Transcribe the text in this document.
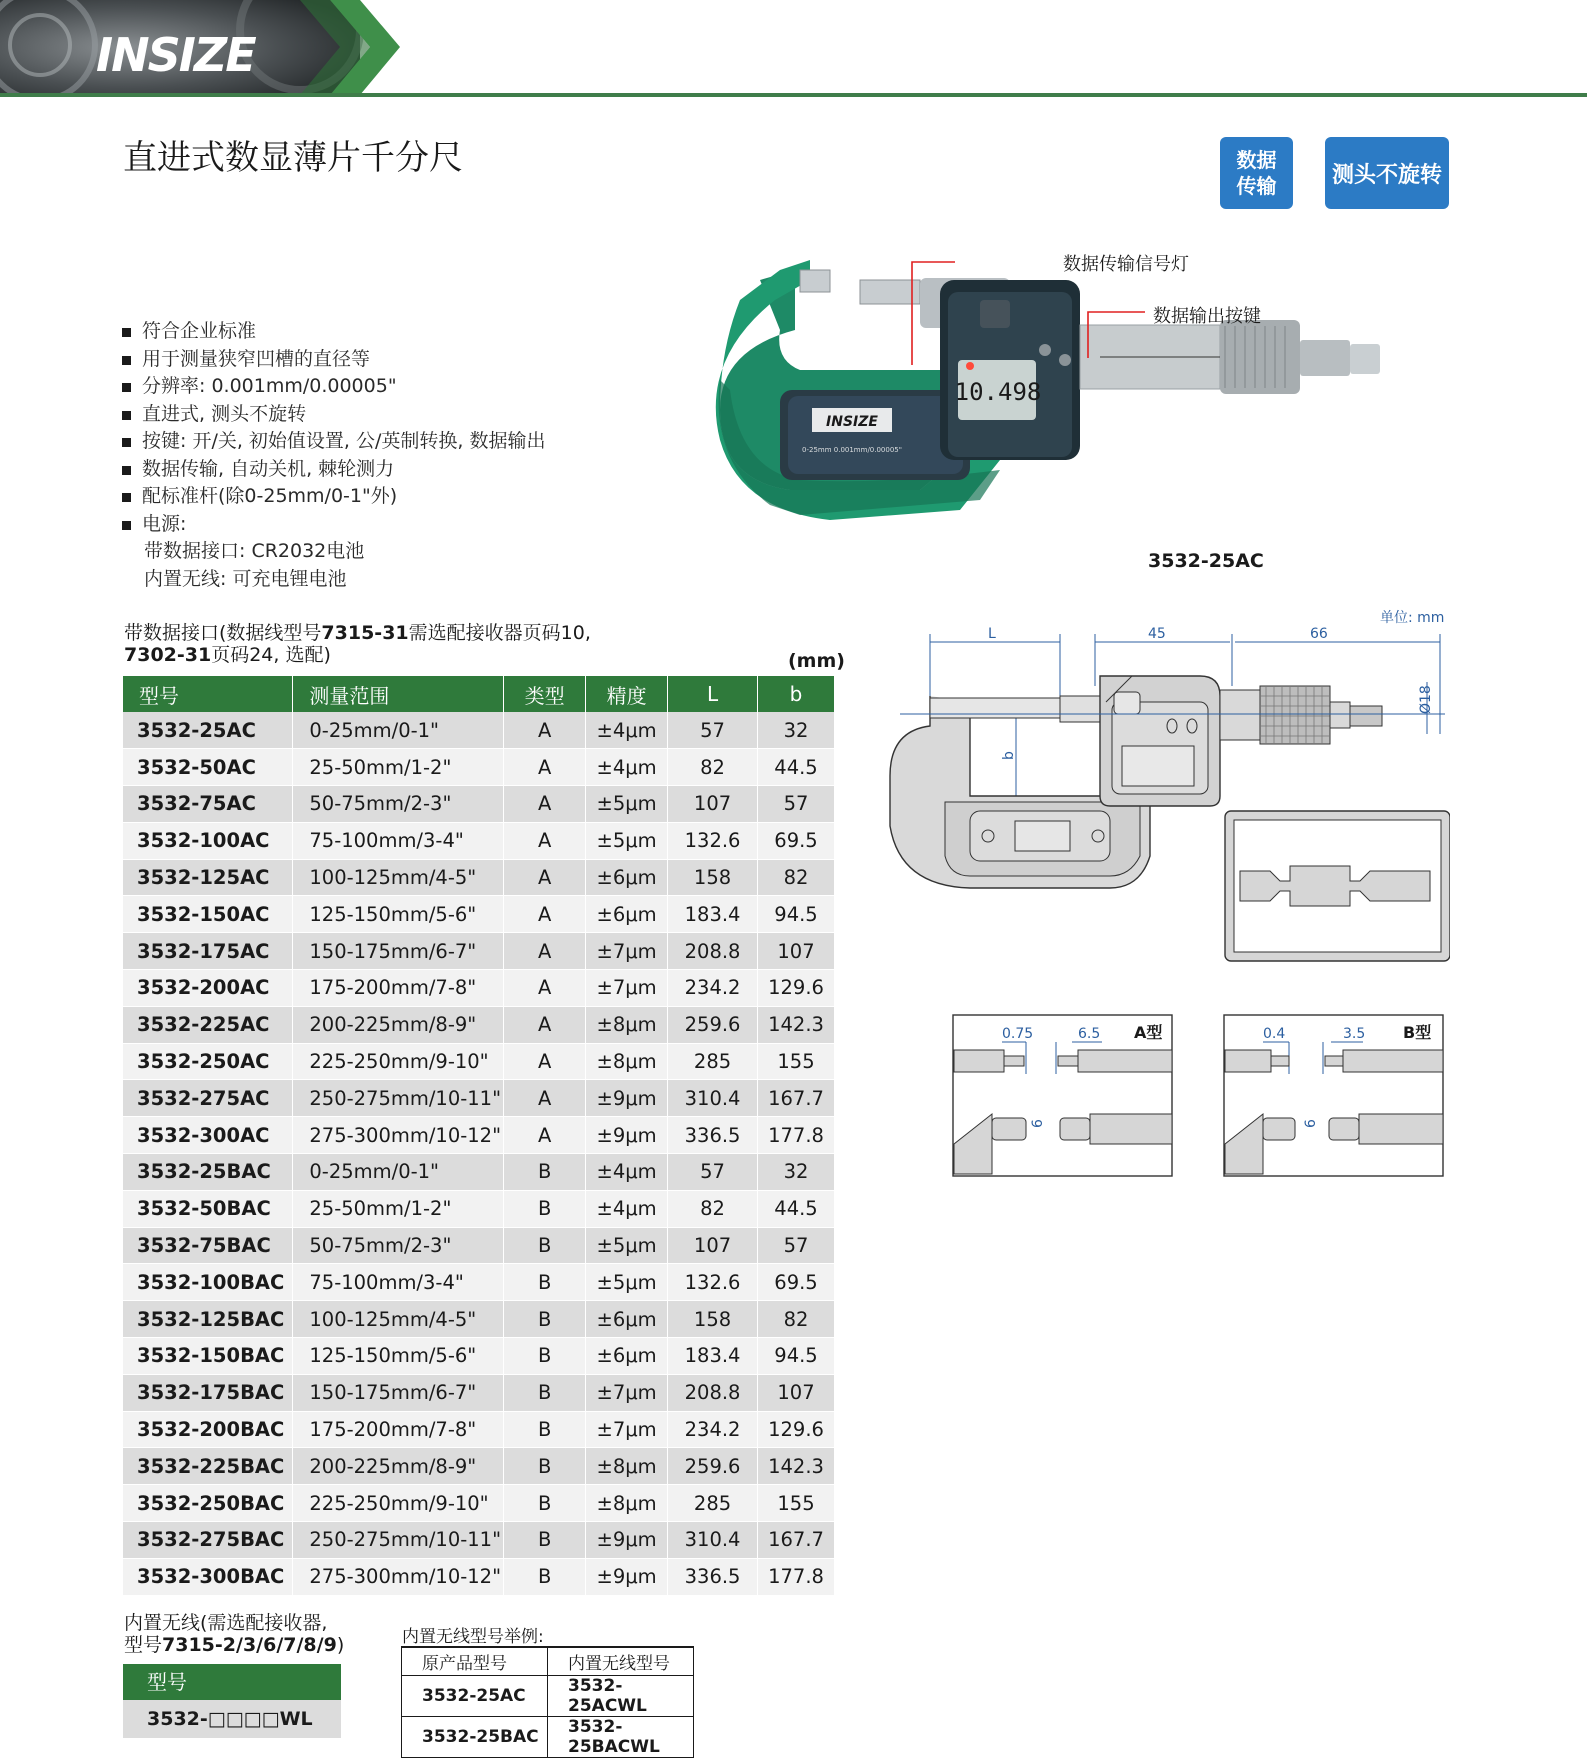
INSIZE
直进式数显薄片千分尺	数据
传输	测头不旋转
符合企业标准
用于测量狭窄凹槽的直径等
分辨率: 0.001mm/0.00005"
直进式, 测头不旋转
按键: 开/关, 初始值设置, 公/英制转换, 数据输出
数据传输, 自动关机, 棘轮测力
配标准杆(除0-25mm/0-1"外)
电源:
带数据接口: CR2032电池
内置无线: 可充电锂电池
INSIZE
0-25mm 0.001mm/0.00005"
10.498
数据传输信号灯
数据输出按键
3532-25AC
带数据接口(数据线型号7315-31需选配接收器页码10,
7302-31页码24, 选配)	(mm)
型号	测量范围	类型	精度	L	b
3532-25AC	0-25mm/0-1"	A	±4μm	57	32
3532-50AC	25-50mm/1-2"	A	±4μm	82	44.5
3532-75AC	50-75mm/2-3"	A	±5μm	107	57
3532-100AC	75-100mm/3-4"	A	±5μm	132.6	69.5
3532-125AC	100-125mm/4-5"	A	±6μm	158	82
3532-150AC	125-150mm/5-6"	A	±6μm	183.4	94.5
3532-175AC	150-175mm/6-7"	A	±7μm	208.8	107
3532-200AC	175-200mm/7-8"	A	±7μm	234.2	129.6
3532-225AC	200-225mm/8-9"	A	±8μm	259.6	142.3
3532-250AC	225-250mm/9-10"	A	±8μm	285	155
3532-275AC	250-275mm/10-11"	A	±9μm	310.4	167.7
3532-300AC	275-300mm/10-12"	A	±9μm	336.5	177.8
3532-25BAC	0-25mm/0-1"	B	±4μm	57	32
3532-50BAC	25-50mm/1-2"	B	±4μm	82	44.5
3532-75BAC	50-75mm/2-3"	B	±5μm	107	57
3532-100BAC	75-100mm/3-4"	B	±5μm	132.6	69.5
3532-125BAC	100-125mm/4-5"	B	±6μm	158	82
3532-150BAC	125-150mm/5-6"	B	±6μm	183.4	94.5
3532-175BAC	150-175mm/6-7"	B	±7μm	208.8	107
3532-200BAC	175-200mm/7-8"	B	±7μm	234.2	129.6
3532-225BAC	200-225mm/8-9"	B	±8μm	259.6	142.3
3532-250BAC	225-250mm/9-10"	B	±8μm	285	155
3532-275BAC	250-275mm/10-11"	B	±9μm	310.4	167.7
3532-300BAC	275-300mm/10-12"	B	±9μm	336.5	177.8
单位: mm
L	45	66
b
Ø18
A型
0.75	6.5
6
B型
0.4	3.5
6
内置无线(需选配接收器,
型号7315-2/3/6/7/8/9)
型号
3532-□□□□WL
内置无线型号举例:
原产品型号	内置无线型号
3532-25AC	3532-25ACWL
3532-25BAC	3532-25BACWL
